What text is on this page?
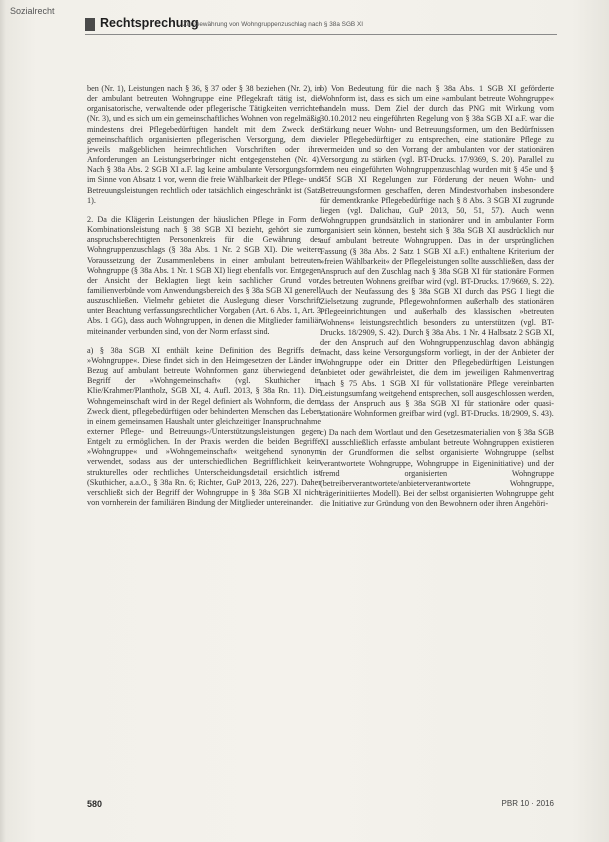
Sozialrecht
Rechtsprechung
Zur Gewährung von Wohngruppenzuschlag nach § 38a SGB XI

ben (Nr. 1), Leistungen nach § 36, § 37 oder § 38 beziehen (Nr. 2), in der ambulant betreuten Wohngruppe eine Pflegekraft tätig ist, die organisatorische, verwaltende oder pflegerische Tätigkeiten verrichtet (Nr. 3), und es sich um ein gemeinschaftliches Wohnen von regelmäßig mindestens drei Pflegebedürftigen handelt mit dem Zweck der gemeinschaftlich organisierten pflegerischen Versorgung, dem die jeweils maßgeblichen heimrechtlichen Vorschriften oder ihre Anforderungen an Leistungserbringer nicht entgegenstehen (Nr. 4). Nach § 38a Abs. 2 SGB XI a.F. lag keine ambulante Versorgungsform im Sinne von Absatz 1 vor, wenn die freie Wählbarkeit der Pflege- und Betreuungsleistungen rechtlich oder tatsächlich eingeschränkt ist (Satz 1).

2. Da die Klägerin Leistungen der häuslichen Pflege in Form der Kombinationsleistung nach § 38 SGB XI bezieht, gehört sie zum anspruchsberechtigten Personenkreis für die Gewährung des Wohngruppenzuschlags (§ 38a Abs. 1 Nr. 2 SGB XI). Die weitere Voraussetzung der Zusammenlebens in einer ambulant betreuten Wohngruppe (§ 38a Abs. 1 Nr. 1 SGB XI) liegt ebenfalls vor. Entgegen der Ansicht der Beklagten liegt kein sachlicher Grund vor, familienverbünde vom Anwendungsbereich des § 38a SGB XI generell auszuschließen. Vielmehr gebietet die Auslegung dieser Vorschrift unter Beachtung verfassungsrechtlicher Vorgaben (Art. 6 Abs. 1, Art. 3 Abs. 1 GG), dass auch Wohngruppen, in denen die Mitglieder familiär miteinander verbunden sind, von der Norm erfasst sind.

a) § 38a SGB XI enthält keine Definition des Begriffs der »Wohngruppe«. Diese findet sich in den Heimgesetzen der Länder in Bezug auf ambulant betreute Wohnformen ganz überwiegend der Begriff der »Wohngemeinschaft« (vgl. Skuthicher in Klie/Krahmer/Plantholz, SGB XI, 4. Aufl. 2013, § 38a Rn. 11). Die Wohngemeinschaft wird in der Regel definiert als Wohnform, die dem Zweck dient, pflegebedürftigen oder behinderten Menschen das Leben in einem gemeinsamen Haushalt unter gleichzeitiger Inanspruchnahme externer Pflege- und Betreuungs-/Unterstützungsleistungen gegen Entgelt zu ermöglichen. In der Praxis werden die beiden Begriffe »Wohngruppe« und »Wohngemeinschaft« weitgehend synonym verwendet, sodass aus der unterschiedlichen Begrifflichkeit kein strukturelles oder rechtliches Unterscheidungsdetail ersichtlich ist (Skuthicher, a.a.O., § 38a Rn. 6; Richter, GuP 2013, 226, 227). Daher verschließt sich der Begriff der Wohngruppe in § 38a SGB XI nicht von vornherein der familiären Bindung der Mitglieder untereinander.

b) Von Bedeutung für die nach § 38a Abs. 1 SGB XI geförderte Wohnform ist, dass es sich um eine »ambulant betreute Wohngruppe« handeln muss. Dem Ziel der durch das PNG mit Wirkung vom 30.10.2012 neu eingeführten Regelung von § 38a SGB XI a.F. war die Stärkung neuer Wohn- und Betreuungsformen, um den Bedürfnissen vieler Pflegebedürftiger zu entsprechen, eine stationäre Pflege zu vermeiden und so den Vorrang der ambulanten vor der stationären Versorgung zu stärken (vgl. BT-Drucks. 17/9369, S. 20). Parallel zu dem neu eingeführten Wohngruppenzuschlag wurden mit § 45e und § 45f SGB XI Regelungen zur Förderung der neuen Wohn- und Betreuungsformen geschaffen, deren Mindestvorhaben insbesondere für dementkranke Pflegebedürftige nach § 8 Abs. 3 SGB XI zugrunde liegen (vgl. Dalichau, GuP 2013, 50, 51, 57). Auch wenn Wohngruppen grundsätzlich in stationärer und in ambulanter Form organisiert sein können, besteht sich § 38a SGB XI ausdrücklich nur auf ambulant betreute Wohngruppen. Das in der ursprünglichen Fassung (§ 38a Abs. 2 Satz 1 SGB XI a.F.) enthaltene Kriterium der »freien Wählbarkeit« der Pflegeleistungen sollte ausschließen, dass der Anspruch auf den Zuschlag nach § 38a SGB XI für stationäre Formen des betreuten Wohnens greifbar wird (vgl. BT-Drucks. 17/9669, S. 22). Auch der Neufassung des § 38a SGB XI durch das PSG I liegt die Zielsetzung zugrunde, Pflegewohnformen außerhalb des stationären Pflegeeinrichtungen und außerhalb des klassischen »betreuten Wohnens« leistungsrechtlich besonders zu unterstützen (vgl. BT-Drucks. 18/2909, S. 42). Durch § 38a Abs. 1 Nr. 4 Halbsatz 2 SGB XI, der den Anspruch auf den Wohngruppenzuschlag davon abhängig macht, dass keine Versorgungsform vorliegt, in der der Anbieter der Wohngruppe oder ein Dritter den Pflegebedürftigen Leistungen anbietet oder gewährleistet, die dem im jeweiligen Rahmenvertrag nach § 75 Abs. 1 SGB XI für vollstationäre Pflege vereinbarten Leistungsumfang weitgehend entsprechen, soll ausgeschlossen werden, dass der Anspruch aus § 38a SGB XI für stationäre oder quasi-stationäre Wohnformen greifbar wird (vgl. BT-Drucks. 18/2909, S. 43).

c) Da nach dem Wortlaut und den Gesetzesmaterialien von § 38a SGB XI ausschließlich erfasste ambulant betreute Wohngruppen existieren in der Grundformen die selbst organisierte Wohngruppe (selbst verantwortete Wohngruppe, Wohngruppe in Eigeninitiative) und der fremd organisierten Wohngruppe (betreiberverantwortete/anbieterverantwortete Wohngruppe, trägerinitiiertes Modell). Bei der selbst organisierten Wohngruppe geht die Initiative zur Gründung von den Bewohnern oder ihren Angehöri-

580	PBR 10 · 2016
